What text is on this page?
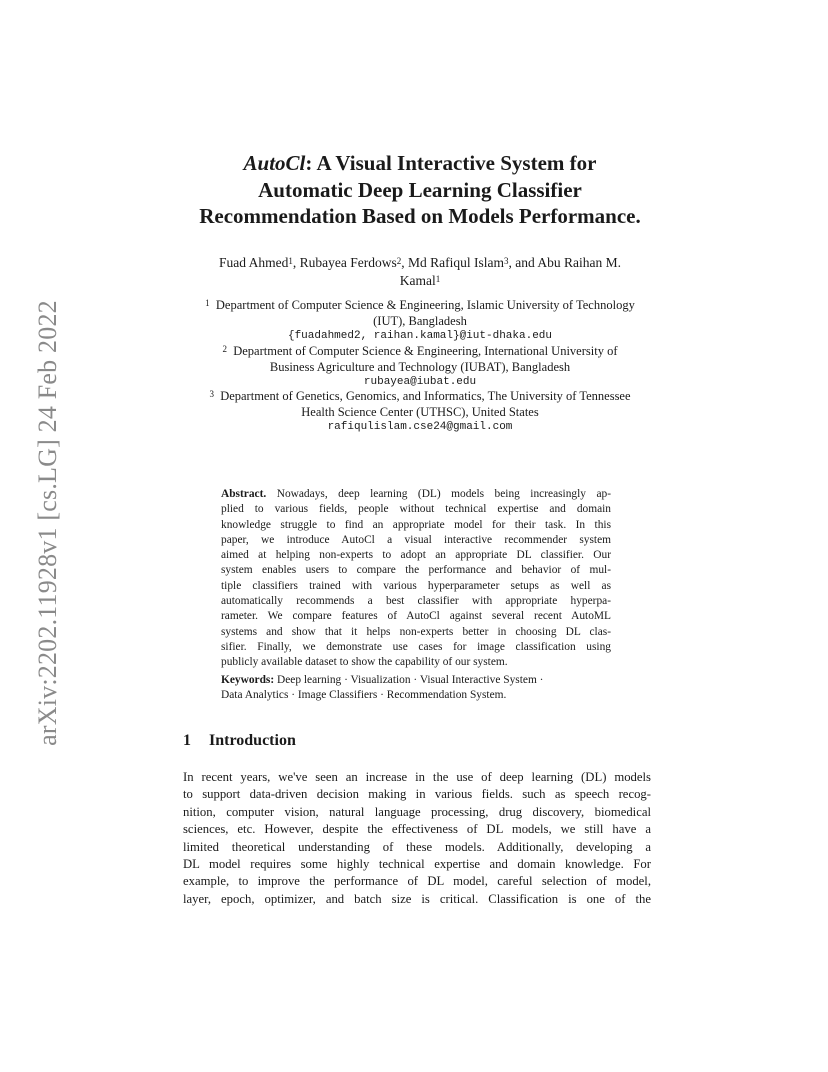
arXiv:2202.11928v1 [cs.LG] 24 Feb 2022
AutoCl: A Visual Interactive System for
Automatic Deep Learning Classifier
Recommendation Based on Models Performance.
Fuad Ahmed$^1$, Rubayea Ferdows$^2$, Md Rafiqul Islam$^3$, and Abu Raihan M.
Kamal$^1$
$^1$ Department of Computer Science & Engineering, Islamic University of Technology
(IUT), Bangladesh
{fuadahmed2, raihan.kamal}@iut-dhaka.edu
$^2$ Department of Computer Science & Engineering, International University of
Business Agriculture and Technology (IUBAT), Bangladesh
rubayea@iubat.edu
$^3$ Department of Genetics, Genomics, and Informatics, The University of Tennessee
Health Science Center (UTHSC), United States
rafiqulislam.cse24@gmail.com
Abstract. Nowadays, deep learning (DL) models being increasingly ap-
plied to various fields, people without technical expertise and domain
knowledge struggle to find an appropriate model for their task. In this
paper, we introduce AutoCl a visual interactive recommender system
aimed at helping non-experts to adopt an appropriate DL classifier. Our
system enables users to compare the performance and behavior of mul-
tiple classifiers trained with various hyperparameter setups as well as
automatically recommends a best classifier with appropriate hyperpa-
rameter. We compare features of AutoCl against several recent AutoML
systems and show that it helps non-experts better in choosing DL clas-
sifier. Finally, we demonstrate use cases for image classification using
publicly available dataset to show the capability of our system.
Keywords: Deep learning · Visualization · Visual Interactive System ·
Data Analytics · Image Classifiers · Recommendation System.
1 Introduction
In recent years, we've seen an increase in the use of deep learning (DL) models
to support data-driven decision making in various fields. such as speech recog-
nition, computer vision, natural language processing, drug discovery, biomedical
sciences, etc. However, despite the effectiveness of DL models, we still have a
limited theoretical understanding of these models. Additionally, developing a
DL model requires some highly technical expertise and domain knowledge. For
example, to improve the performance of DL model, careful selection of model,
layer, epoch, optimizer, and batch size is critical. Classification is one of the
